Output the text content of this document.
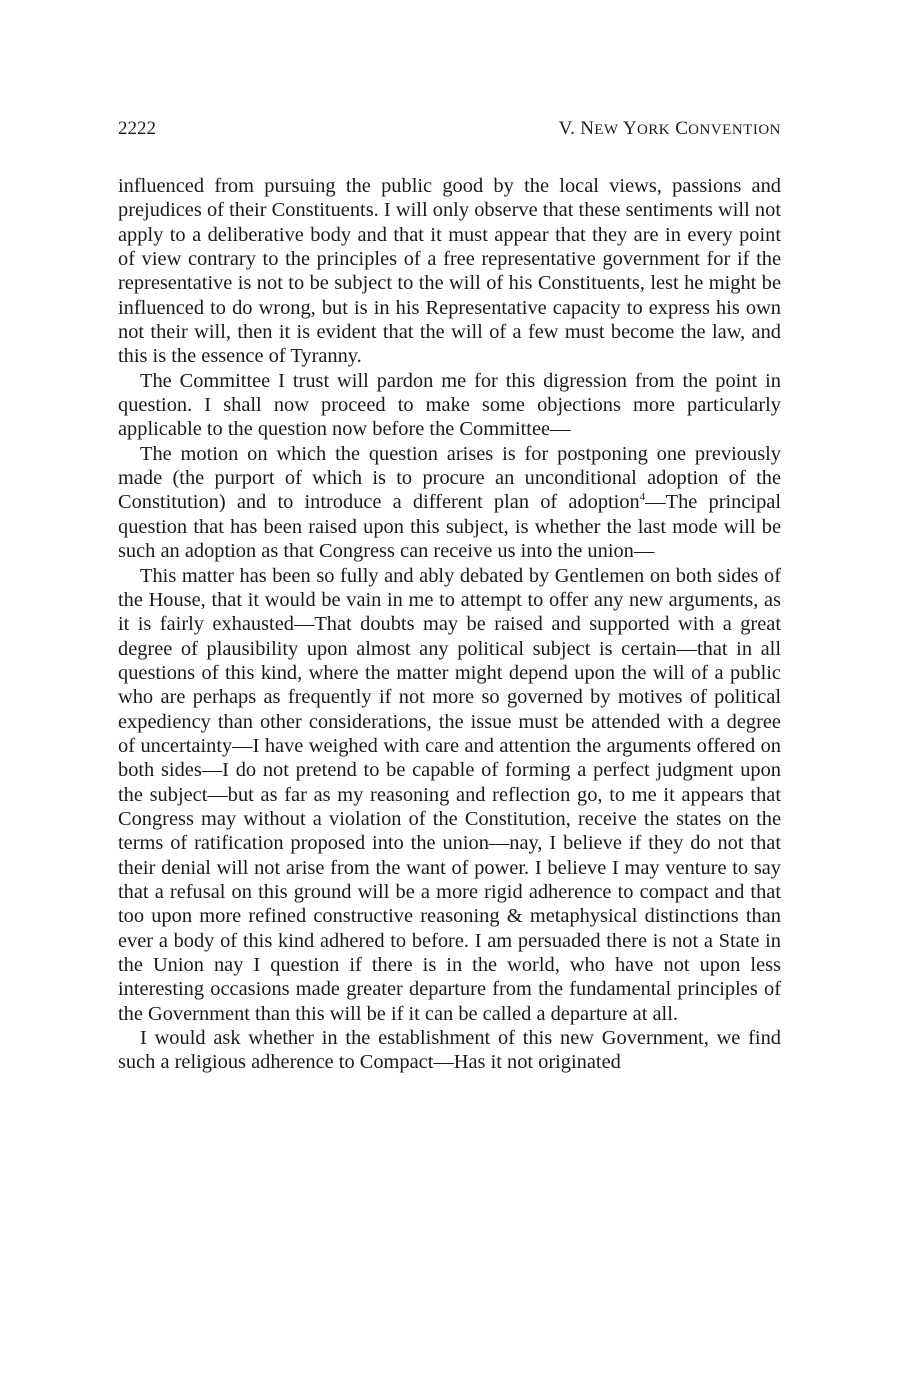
2222	V. NEW YORK CONVENTION

influenced from pursuing the public good by the local views, passions and prejudices of their Constituents. I will only observe that these sentiments will not apply to a deliberative body and that it must appear that they are in every point of view contrary to the principles of a free representative government for if the representative is not to be subject to the will of his Constituents, lest he might be influenced to do wrong, but is in his Representative capacity to express his own not their will, then it is evident that the will of a few must become the law, and this is the essence of Tyranny.

The Committee I trust will pardon me for this digression from the point in question. I shall now proceed to make some objections more particularly applicable to the question now before the Committee—

The motion on which the question arises is for postponing one previously made (the purport of which is to procure an unconditional adoption of the Constitution) and to introduce a different plan of adoption$^4$—The principal question that has been raised upon this subject, is whether the last mode will be such an adoption as that Congress can receive us into the union—

This matter has been so fully and ably debated by Gentlemen on both sides of the House, that it would be vain in me to attempt to offer any new arguments, as it is fairly exhausted—That doubts may be raised and supported with a great degree of plausibility upon almost any political subject is certain—that in all questions of this kind, where the matter might depend upon the will of a public who are perhaps as frequently if not more so governed by motives of political expediency than other considerations, the issue must be attended with a degree of uncertainty—I have weighed with care and attention the arguments offered on both sides—I do not pretend to be capable of forming a perfect judgment upon the subject—but as far as my reasoning and reflection go, to me it appears that Congress may without a violation of the Constitution, receive the states on the terms of ratification proposed into the union—nay, I believe if they do not that their denial will not arise from the want of power. I believe I may venture to say that a refusal on this ground will be a more rigid adherence to compact and that too upon more refined constructive reasoning & metaphysical distinctions than ever a body of this kind adhered to before. I am persuaded there is not a State in the Union nay I question if there is in the world, who have not upon less interesting occasions made greater departure from the fundamental principles of the Government than this will be if it can be called a departure at all.

I would ask whether in the establishment of this new Government, we find such a religious adherence to Compact—Has it not originated
